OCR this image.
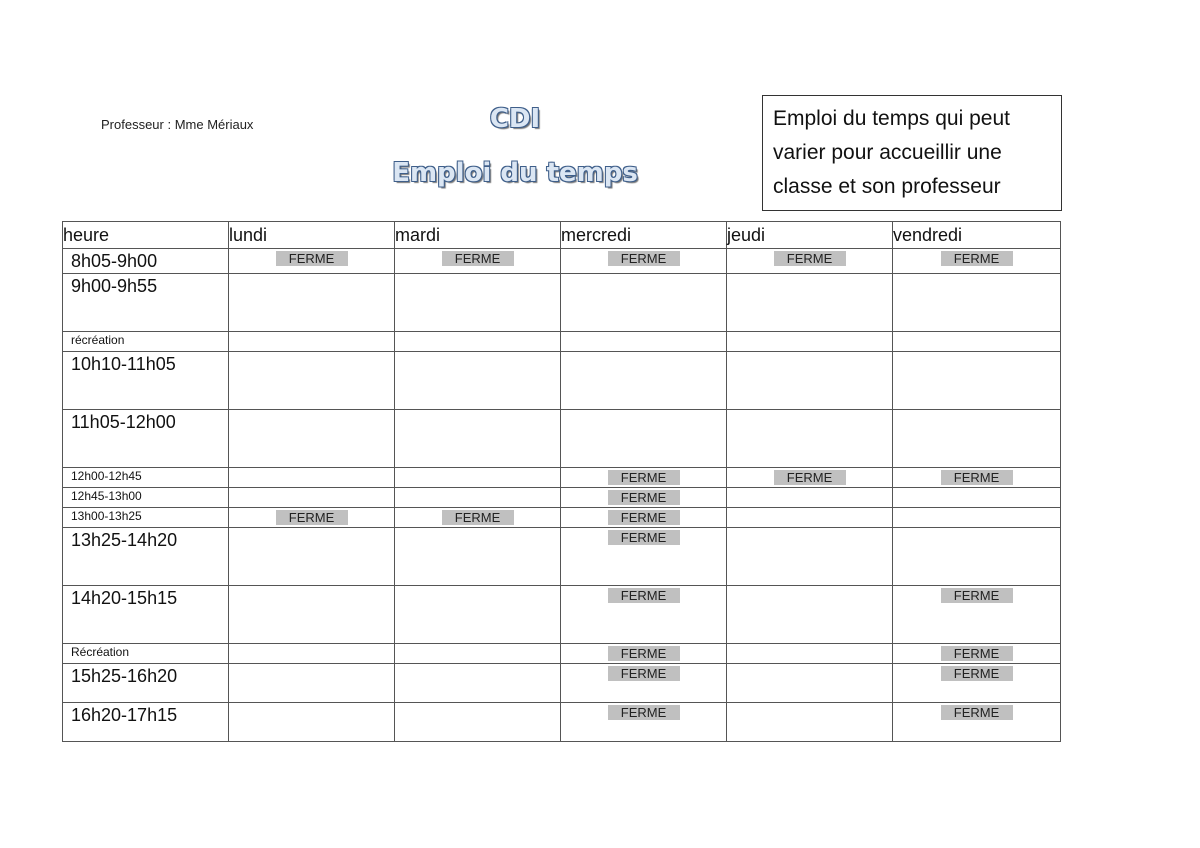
Professeur : Mme Mériaux	CDI
Emploi du temps
Emploi du temps qui peut varier pour accueillir une classe et son professeur
heure	lundi	mardi	mercredi	jeudi	vendredi
8h05-9h00	FERME	FERME	FERME	FERME	FERME

9h00-9h55					
récréation					
10h10-11h05					
11h05-12h00					
12h00-12h45			FERME	FERME	FERME

12h45-13h00			FERME		

13h00-13h25	FERME	FERME	FERME		

13h25-14h20			FERME		

14h20-15h15			FERME		FERME

Récréation			FERME		FERME

15h25-16h20			FERME		FERME

16h20-17h15			FERME		FERME
